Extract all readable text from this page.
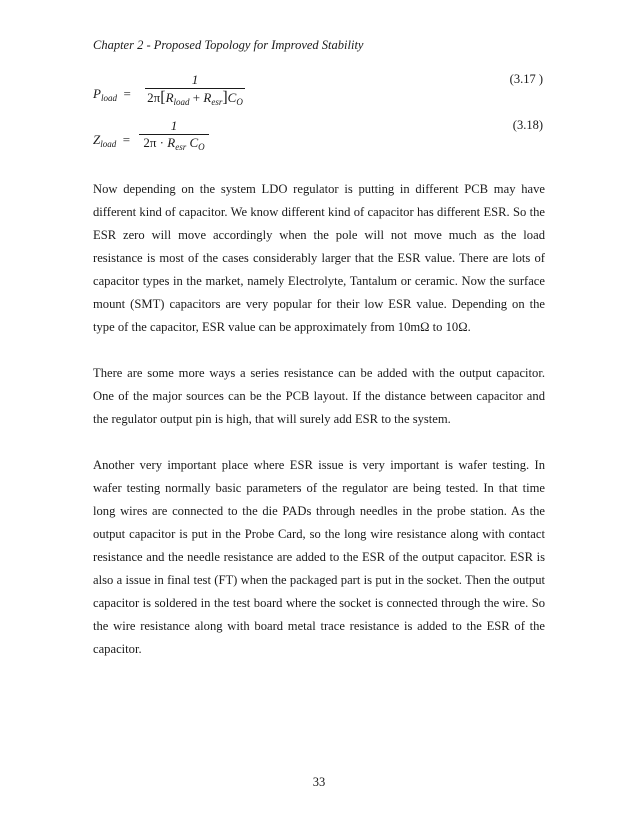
Chapter 2 - Proposed Topology for Improved Stability
$P_{load}$ =
1
$2\pi[R_{load} + R_{esr}]C_O$
(3.17 )
$Z_{load}$ =
1
$2\pi \cdot R_{esr}$ $C_O$
(3.18)

Now depending on the system LDO regulator is putting in different PCB may have different kind of capacitor. We know different kind of capacitor has different ESR. So the ESR zero will move accordingly when the pole will not move much as the load resistance is most of the cases considerably larger that the ESR value. There are lots of capacitor types in the market, namely Electrolyte, Tantalum or ceramic. Now the surface mount (SMT) capacitors are very popular for their low ESR value. Depending on the type of the capacitor, ESR value can be approximately from 10mΩ to 10Ω.

There are some more ways a series resistance can be added with the output capacitor. One of the major sources can be the PCB layout. If the distance between capacitor and the regulator output pin is high, that will surely add ESR to the system.

Another very important place where ESR issue is very important is wafer testing. In wafer testing normally basic parameters of the regulator are being tested. In that time long wires are connected to the die PADs through needles in the probe station. As the output capacitor is put in the Probe Card, so the long wire resistance along with contact resistance and the needle resistance are added to the ESR of the output capacitor. ESR is also a issue in final test (FT) when the packaged part is put in the socket. Then the output capacitor is soldered in the test board where the socket is connected through the wire. So the wire resistance along with board metal trace resistance is added to the ESR of the capacitor.

33
